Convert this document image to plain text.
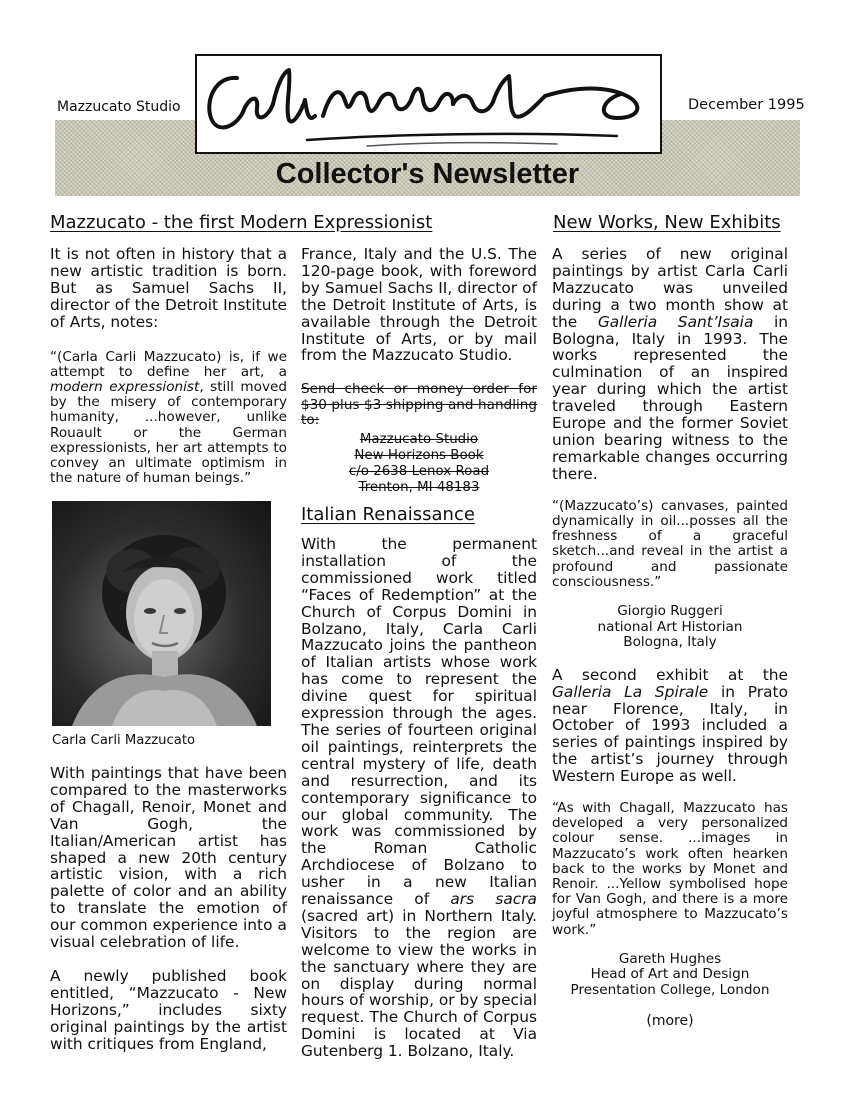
Mazzucato Studio	December 1995
Collector's Newsletter
Mazzucato - the first Modern Expressionist

It is not often in history that a new artistic tradition is born. But as Samuel Sachs II, director of the Detroit Institute of Arts, notes:

“(Carla Carli Mazzucato) is, if we attempt to define her art, a modern expressionist, still moved by the misery of contemporary humanity, ...however, unlike Rouault or the German expressionists, her art attempts to convey an ultimate optimism in the nature of human beings.”

Carla Carli Mazzucato

With paintings that have been compared to the masterworks of Chagall, Renoir, Monet and Van Gogh, the Italian/American artist has shaped a new 20th century artistic vision, with a rich palette of color and an ability to translate the emotion of our common experience into a visual celebration of life.

A newly published book entitled, “Mazzucato - New Horizons,” includes sixty original paintings by the artist with critiques from England,

France, Italy and the U.S. The 120-page book, with foreword by Samuel Sachs II, director of the Detroit Institute of Arts, is available through the Detroit Institute of Arts, or by mail from the Mazzucato Studio.

Send check or money order for $30 plus $3 shipping and handling to:

Mazzucato Studio
New Horizons Book
c/o 2638 Lenox Road
Trenton, MI 48183
Italian Renaissance

With the permanent installation of the commissioned work titled “Faces of Redemption” at the Church of Corpus Domini in Bolzano, Italy, Carla Carli Mazzucato joins the pantheon of Italian artists whose work has come to represent the divine quest for spiritual expression through the ages. The series of fourteen original oil paintings, reinterprets the central mystery of life, death and resurrection, and its contemporary significance to our global community. The work was commissioned by the Roman Catholic Archdiocese of Bolzano to usher in a new Italian renaissance of ars sacra (sacred art) in Northern Italy. Visitors to the region are welcome to view the works in the sanctuary where they are on display during normal hours of worship, or by special request. The Church of Corpus Domini is located at Via Gutenberg 1. Bolzano, Italy.

New Works, New Exhibits

A series of new original paintings by artist Carla Carli Mazzucato was unveiled during a two month show at the Galleria Sant’Isaia in Bologna, Italy in 1993. The works represented the culmination of an inspired year during which the artist traveled through Eastern Europe and the former Soviet union bearing witness to the remarkable changes occurring there.

“(Mazzucato’s) canvases, painted dynamically in oil...posses all the freshness of a graceful sketch...and reveal in the artist a profound and passionate consciousness.”

Giorgio Ruggeri
national Art Historian
Bologna, Italy

A second exhibit at the Galleria La Spirale in Prato near Florence, Italy, in October of 1993 included a series of paintings inspired by the artist’s journey through Western Europe as well.

“As with Chagall, Mazzucato has developed a very personalized colour sense. ...images in Mazzucato’s work often hearken back to the works by Monet and Renoir. ...Yellow symbolised hope for Van Gogh, and there is a more joyful atmosphere to Mazzucato’s work.”

Gareth Hughes
Head of Art and Design
Presentation College, London
(more)
